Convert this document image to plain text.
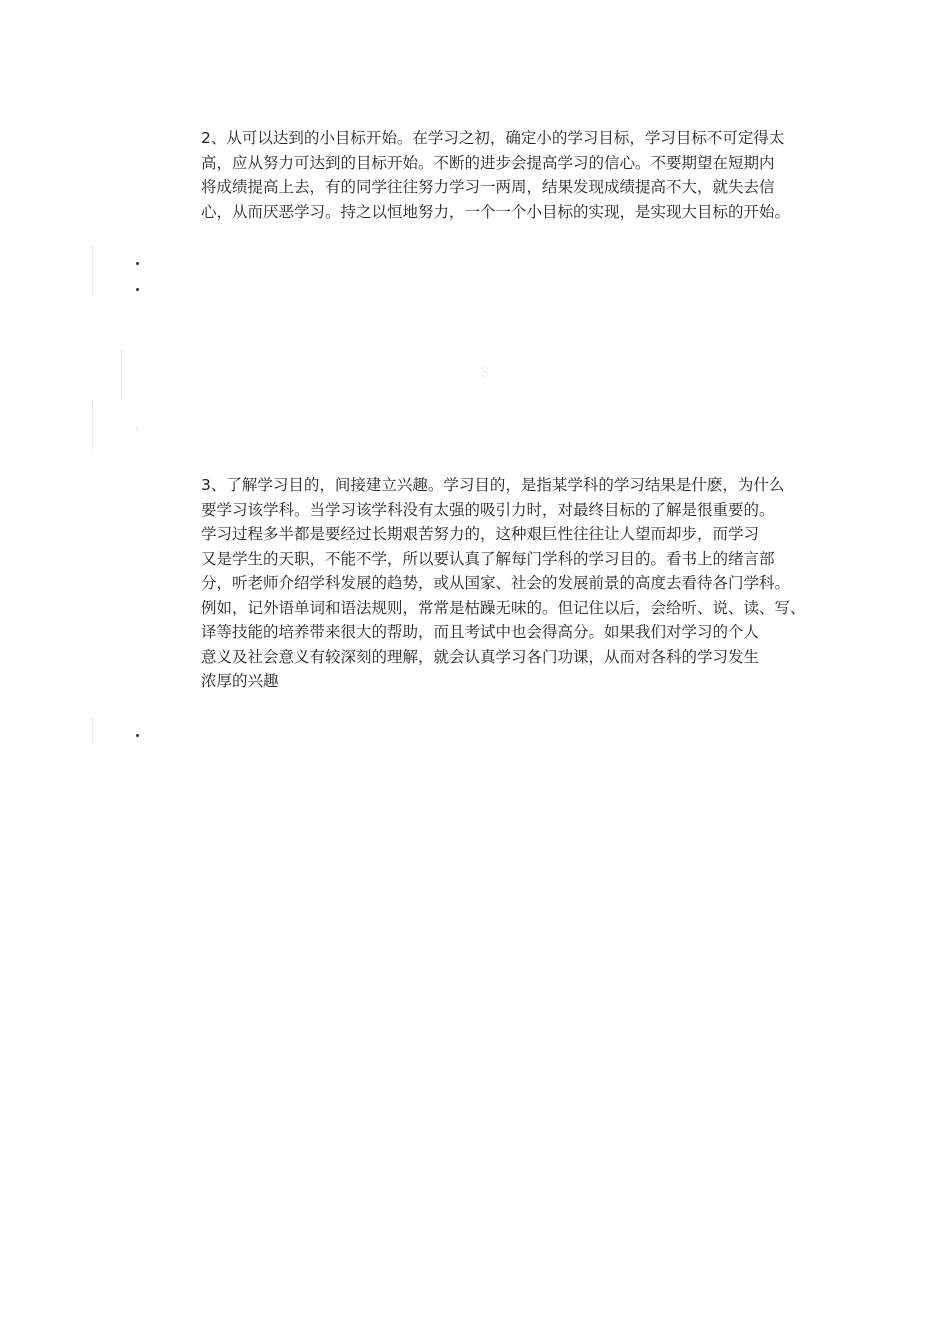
2、从可以达到的小目标开始。在学习之初，确定小的学习目标，学习目标不可定得太
高，应从努力可达到的目标开始。不断的进步会提高学习的信心。不要期望在短期内
将成绩提高上去，有的同学往往努力学习一两周，结果发现成绩提高不大，就失去信
心，从而厌恶学习。持之以恒地努力，一个一个小目标的实现，是实现大目标的开始。

3

3、了解学习目的，间接建立兴趣。学习目的，是指某学科的学习结果是什麽，为什么
要学习该学科。当学习该学科没有太强的吸引力时，对最终目标的了解是很重要的。
学习过程多半都是要经过长期艰苦努力的，这种艰巨性往往让人望而却步，而学习
又是学生的天职，不能不学，所以要认真了解每门学科的学习目的。看书上的绪言部
分，听老师介绍学科发展的趋势，或从国家、社会的发展前景的高度去看待各门学科。
例如，记外语单词和语法规则，常常是枯躁无味的。但记住以后，会给听、说、读、写、
译等技能的培养带来很大的帮助，而且考试中也会得高分。如果我们对学习的个人
意义及社会意义有较深刻的理解，就会认真学习各门功课，从而对各科的学习发生
浓厚的兴趣
